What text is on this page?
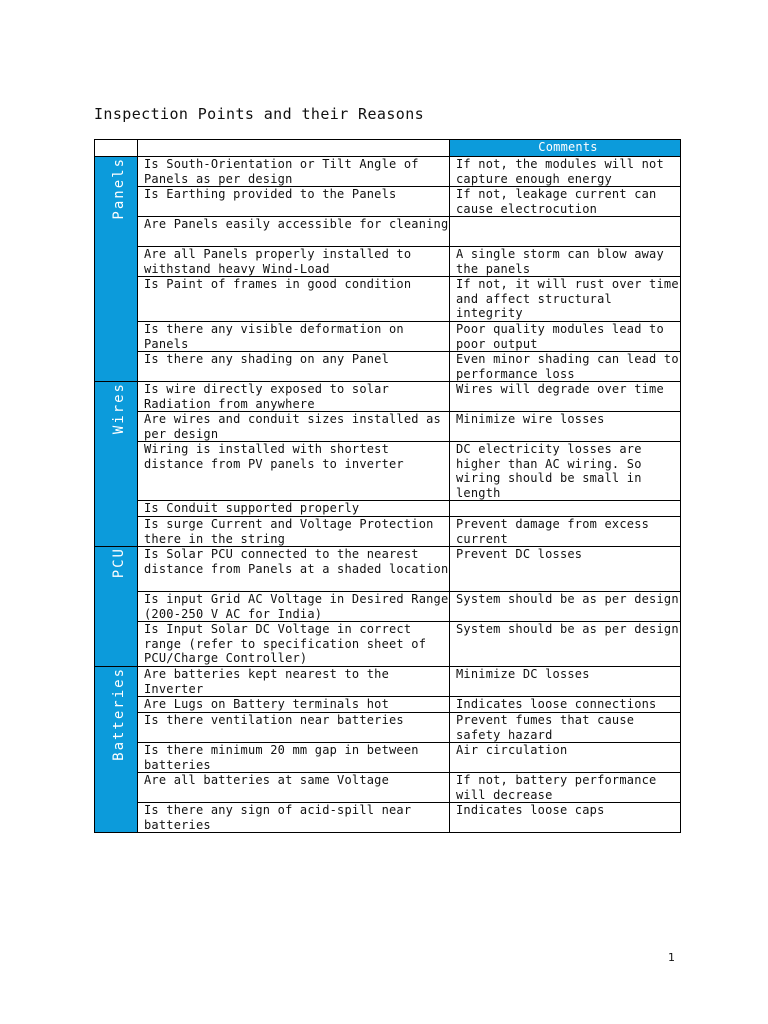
Inspection Points and their Reasons
		Comments
Panels	Is South-Orientation or Tilt Angle of Panels as per design	If not, the modules will not capture enough energy
	Is Earthing provided to the Panels	If not, leakage current can cause electrocution
	Are Panels easily accessible for cleaning	
	Are all Panels properly installed to withstand heavy Wind-Load	A single storm can blow away the panels
	Is Paint of frames in good condition	If not, it will rust over time and affect structural integrity
	Is there any visible deformation on Panels	Poor quality modules lead to poor output
	Is there any shading on any Panel	Even minor shading can lead to performance loss
Wires	Is wire directly exposed to solar Radiation from anywhere	Wires will degrade over time
	Are wires and conduit sizes installed as per design	Minimize wire losses
	Wiring is installed with shortest distance from PV panels to inverter	DC electricity losses are higher than AC wiring. So wiring should be small in length
	Is Conduit supported properly	
	Is surge Current and Voltage Protection there in the string	Prevent damage from excess current
PCU	Is Solar PCU connected to the nearest distance from Panels at a shaded location	Prevent DC losses
	Is input Grid AC Voltage in Desired Range (200-250 V AC for India)	System should be as per design
	Is Input Solar DC Voltage in correct range (refer to specification sheet of PCU/Charge Controller)	System should be as per design
Batteries	Are batteries kept nearest to the Inverter	Minimize DC losses
	Are Lugs on Battery terminals hot	Indicates loose connections
	Is there ventilation near batteries	Prevent fumes that cause safety hazard
	Is there minimum 20 mm gap in between batteries	Air circulation
	Are all batteries at same Voltage	If not, battery performance will decrease
	Is there any sign of acid-spill near batteries	Indicates loose caps
1
